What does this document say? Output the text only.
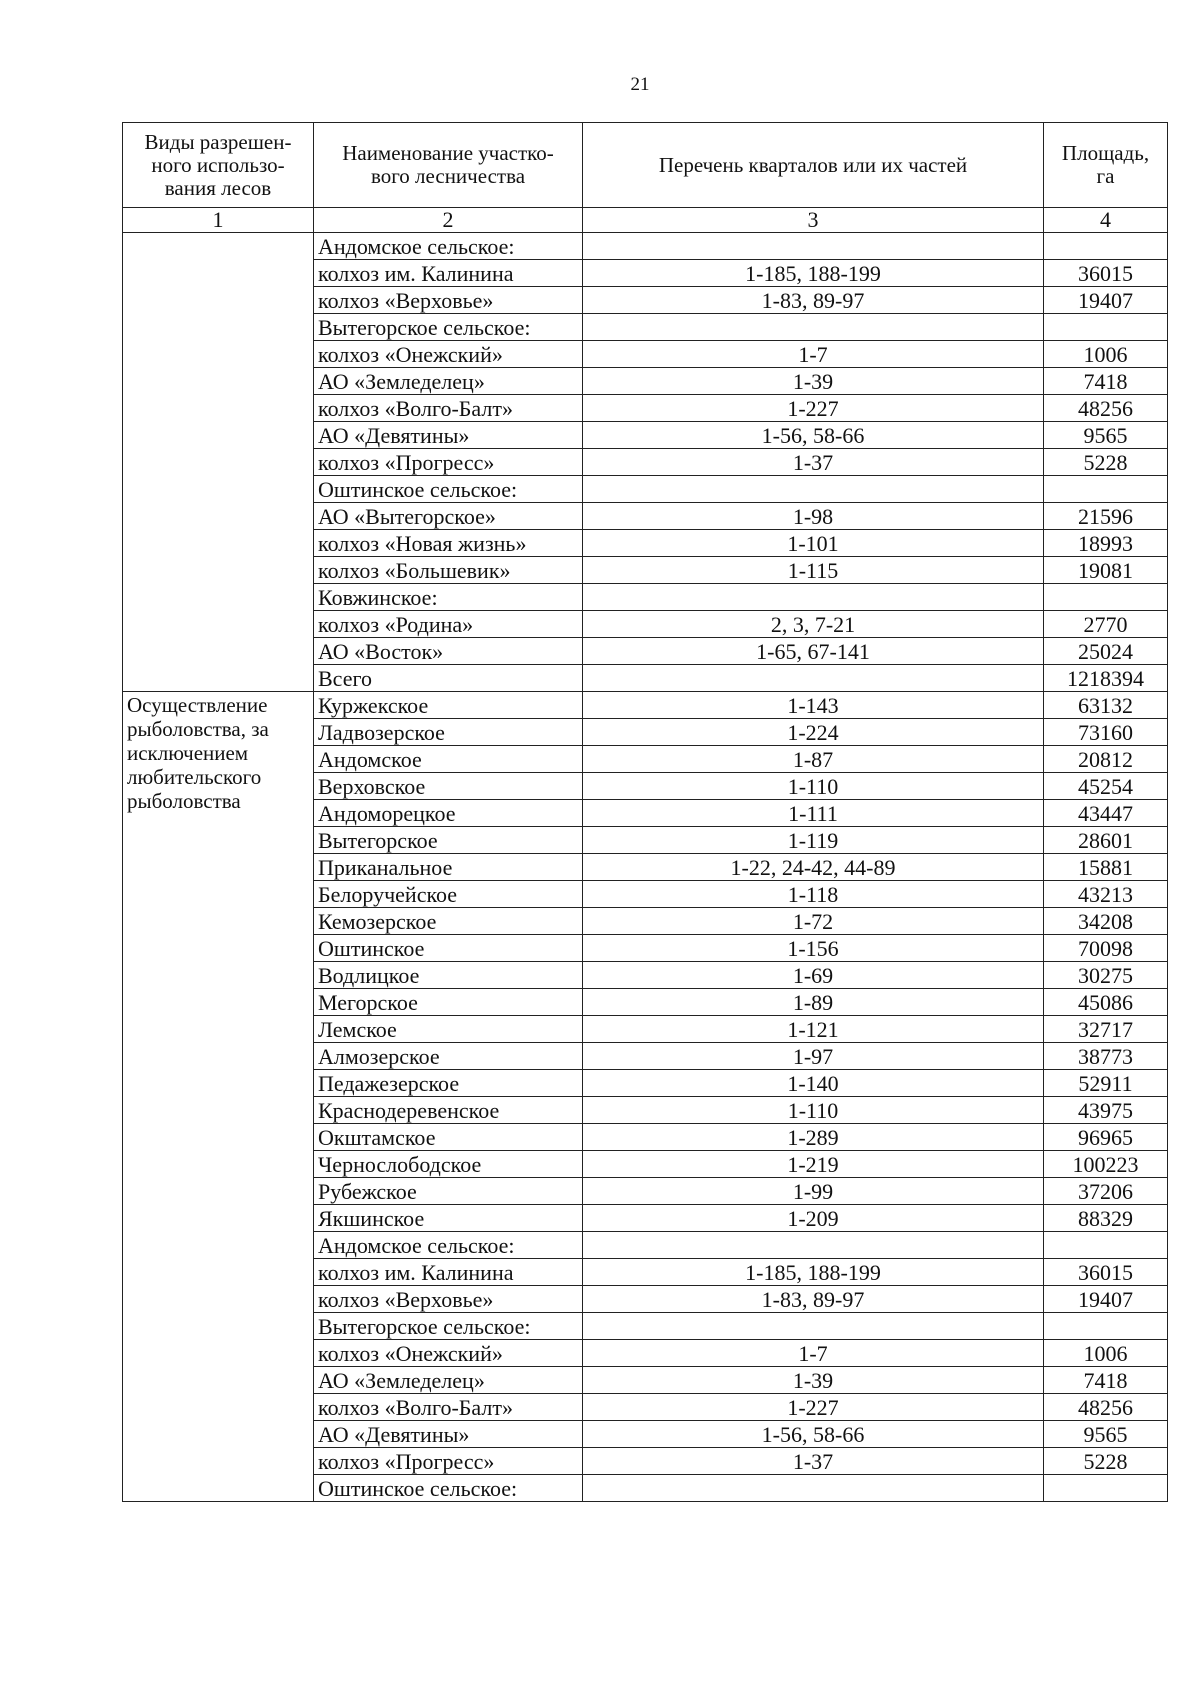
21
Виды разрешен-
ного использо-
вания лесов	Наименование участко-
вого лесничества	Перечень кварталов или их частей	Площадь,
га
1	2	3	4

	Андомское сельское:		
	колхоз им. Калинина	1-185, 188-199	36015
	колхоз «Верховье»	1-83, 89-97	19407
	Вытегорское сельское:		
	колхоз «Онежский»	1-7	1006
	АО «Земледелец»	1-39	7418
	колхоз «Волго-Балт»	1-227	48256
	АО «Девятины»	1-56, 58-66	9565
	колхоз «Прогресс»	1-37	5228
	Оштинское сельское:		
	АО «Вытегорское»	1-98	21596
	колхоз «Новая жизнь»	1-101	18993
	колхоз «Большевик»	1-115	19081
	Ковжинское:		
	колхоз «Родина»	2, 3, 7-21	2770
	АО «Восток»	1-65, 67-141	25024
	Всего		1218394

Осуществление
рыболовства, за
исключением
любительского
рыболовства	Куржекское	1-143	63132
	Ладвозерское	1-224	73160
	Андомское	1-87	20812
	Верховское	1-110	45254
	Андоморецкое	1-111	43447
	Вытегорское	1-119	28601
	Приканальное	1-22, 24-42, 44-89	15881
	Белоручейское	1-118	43213
	Кемозерское	1-72	34208
	Оштинское	1-156	70098
	Водлицкое	1-69	30275
	Мегорское	1-89	45086
	Лемское	1-121	32717
	Алмозерское	1-97	38773
	Педажезерское	1-140	52911
	Краснодеревенское	1-110	43975
	Окштамское	1-289	96965
	Чернослободское	1-219	100223
	Рубежское	1-99	37206
	Якшинское	1-209	88329
	Андомское сельское:		
	колхоз им. Калинина	1-185, 188-199	36015
	колхоз «Верховье»	1-83, 89-97	19407
	Вытегорское сельское:		
	колхоз «Онежский»	1-7	1006
	АО «Земледелец»	1-39	7418
	колхоз «Волго-Балт»	1-227	48256
	АО «Девятины»	1-56, 58-66	9565
	колхоз «Прогресс»	1-37	5228
	Оштинское сельское:		
